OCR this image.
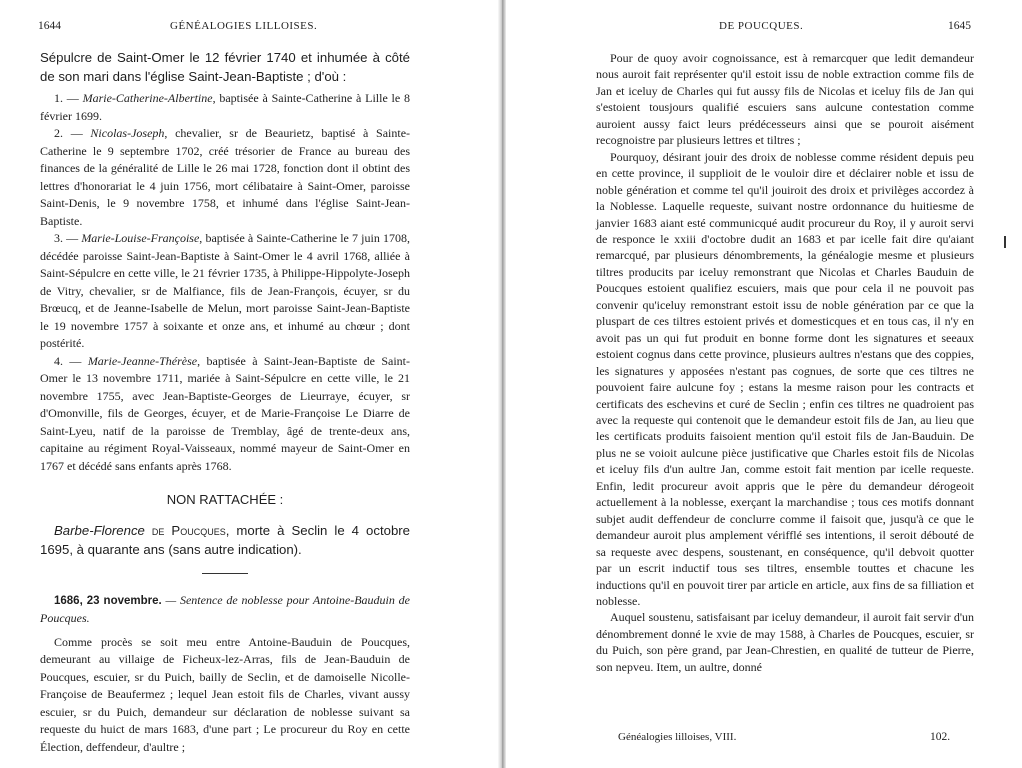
1644	GÉNÉALOGIES LILLOISES.

Sépulcre de Saint-Omer le 12 février 1740 et inhumée à côté de son mari dans l'église Saint-Jean-Baptiste ; d'où :

1. — Marie-Catherine-Albertine, baptisée à Sainte-Catherine à Lille le 8 février 1699.

2. — Nicolas-Joseph, chevalier, sr de Beaurietz, baptisé à Sainte-Catherine le 9 septembre 1702, créé trésorier de France au bureau des finances de la généralité de Lille le 26 mai 1728, fonction dont il obtint des lettres d'honorariat le 4 juin 1756, mort célibataire à Saint-Omer, paroisse Saint-Denis, le 9 novembre 1758, et inhumé dans l'église Saint-Jean-Baptiste.

3. — Marie-Louise-Françoise, baptisée à Sainte-Catherine le 7 juin 1708, décédée paroisse Saint-Jean-Baptiste à Saint-Omer le 4 avril 1768, alliée à Saint-Sépulcre en cette ville, le 21 février 1735, à Philippe-Hippolyte-Joseph de Vitry, chevalier, sr de Malfiance, fils de Jean-François, écuyer, sr du Brœucq, et de Jeanne-Isabelle de Melun, mort paroisse Saint-Jean-Baptiste le 19 novembre 1757 à soixante et onze ans, et inhumé au chœur ; dont postérité.

4. — Marie-Jeanne-Thérèse, baptisée à Saint-Jean-Baptiste de Saint-Omer le 13 novembre 1711, mariée à Saint-Sépulcre en cette ville, le 21 novembre 1755, avec Jean-Baptiste-Georges de Lieurraye, écuyer, sr d'Omonville, fils de Georges, écuyer, et de Marie-Françoise Le Diarre de Saint-Lyeu, natif de la paroisse de Tremblay, âgé de trente-deux ans, capitaine au régiment Royal-Vaisseaux, nommé mayeur de Saint-Omer en 1767 et décédé sans enfants après 1768.

NON RATTACHÉE :

Barbe-Florence de Poucques, morte à Seclin le 4 octobre 1695, à quarante ans (sans autre indication).

1686, 23 novembre. — Sentence de noblesse pour Antoine-Bauduin de Poucques.

Comme procès se soit meu entre Antoine-Bauduin de Poucques, demeurant au villaige de Ficheux-lez-Arras, fils de Jean-Bauduin de Poucques, escuier, sr du Puich, bailly de Seclin, et de damoiselle Nicolle-Françoise de Beaufermez ; lequel Jean estoit fils de Charles, vivant aussy escuier, sr du Puich, demandeur sur déclaration de noblesse suivant sa requeste du huict de mars 1683, d'une part ; Le procureur du Roy en cette Élection, deffendeur, d'aultre ;

DE POUCQUES.	1645

Pour de quoy avoir cognoissance, est à remarcquer que ledit demandeur nous auroit fait représenter qu'il estoit issu de noble extraction comme fils de Jan et iceluy de Charles qui fut aussy fils de Nicolas et iceluy fils de Jan qui s'estoient tousjours qualifié escuiers sans aulcune contestation comme auroient aussy faict leurs prédécesseurs ainsi que se pouroit aisément recognoistre par plusieurs lettres et tiltres ;

Pourquoy, désirant jouir des droix de noblesse comme résident depuis peu en cette province, il supplioit de le vouloir dire et déclairer noble et issu de noble génération et comme tel qu'il jouiroit des droix et privilèges accordez à la Noblesse. Laquelle requeste, suivant nostre ordonnance du huitiesme de janvier 1683 aiant esté communicqué audit procureur du Roy, il y auroit servi de responce le xxiii d'octobre dudit an 1683 et par icelle fait dire qu'aiant remarcqué, par plusieurs dénombrements, la généalogie mesme et plusieurs tiltres producits par iceluy remonstrant que Nicolas et Charles Bauduin de Poucques estoient qualifiez escuiers, mais que pour cela il ne pouvoit pas convenir qu'iceluy remonstrant estoit issu de noble génération par ce que la pluspart de ces tiltres estoient privés et domesticques et en tous cas, il n'y en avoit pas un qui fut produit en bonne forme dont les signatures et seeaux estoient cognus dans cette province, plusieurs aultres n'estans que des coppies, les signatures y apposées n'estant pas cognues, de sorte que ces tiltres ne pouvoient faire aulcune foy ; estans la mesme raison pour les contracts et certificats des eschevins et curé de Seclin ; enfin ces tiltres ne quadroient pas avec la requeste qui contenoit que le demandeur estoit fils de Jan, au lieu que les certificats produits faisoient mention qu'il estoit fils de Jan-Bauduin. De plus ne se voioit aulcune pièce justificative que Charles estoit fils de Nicolas et iceluy fils d'un aultre Jan, comme estoit fait mention par icelle requeste. Enfin, ledit procureur avoit appris que le père du demandeur dérogeoit actuellement à la noblesse, exerçant la marchandise ; tous ces motifs donnant subjet audit deffendeur de conclurre comme il faisoit que, jusqu'à ce que le demandeur auroit plus amplement vérifflé ses intentions, il seroit débouté de sa requeste avec despens, soustenant, en conséquence, qu'il debvoit quotter par un escrit inductif tous ses tiltres, ensemble touttes et chacune les inductions qu'il en pouvoit tirer par article en article, aux fins de sa filliation et noblesse.

Auquel soustenu, satisfaisant par iceluy demandeur, il auroit fait servir d'un dénombrement donné le xvie de may 1588, à Charles de Poucques, escuier, sr du Puich, son père grand, par Jean-Chrestien, en qualité de tutteur de Pierre, son nepveu. Item, un aultre, donné

Généalogies lilloises, VIII.	102.
